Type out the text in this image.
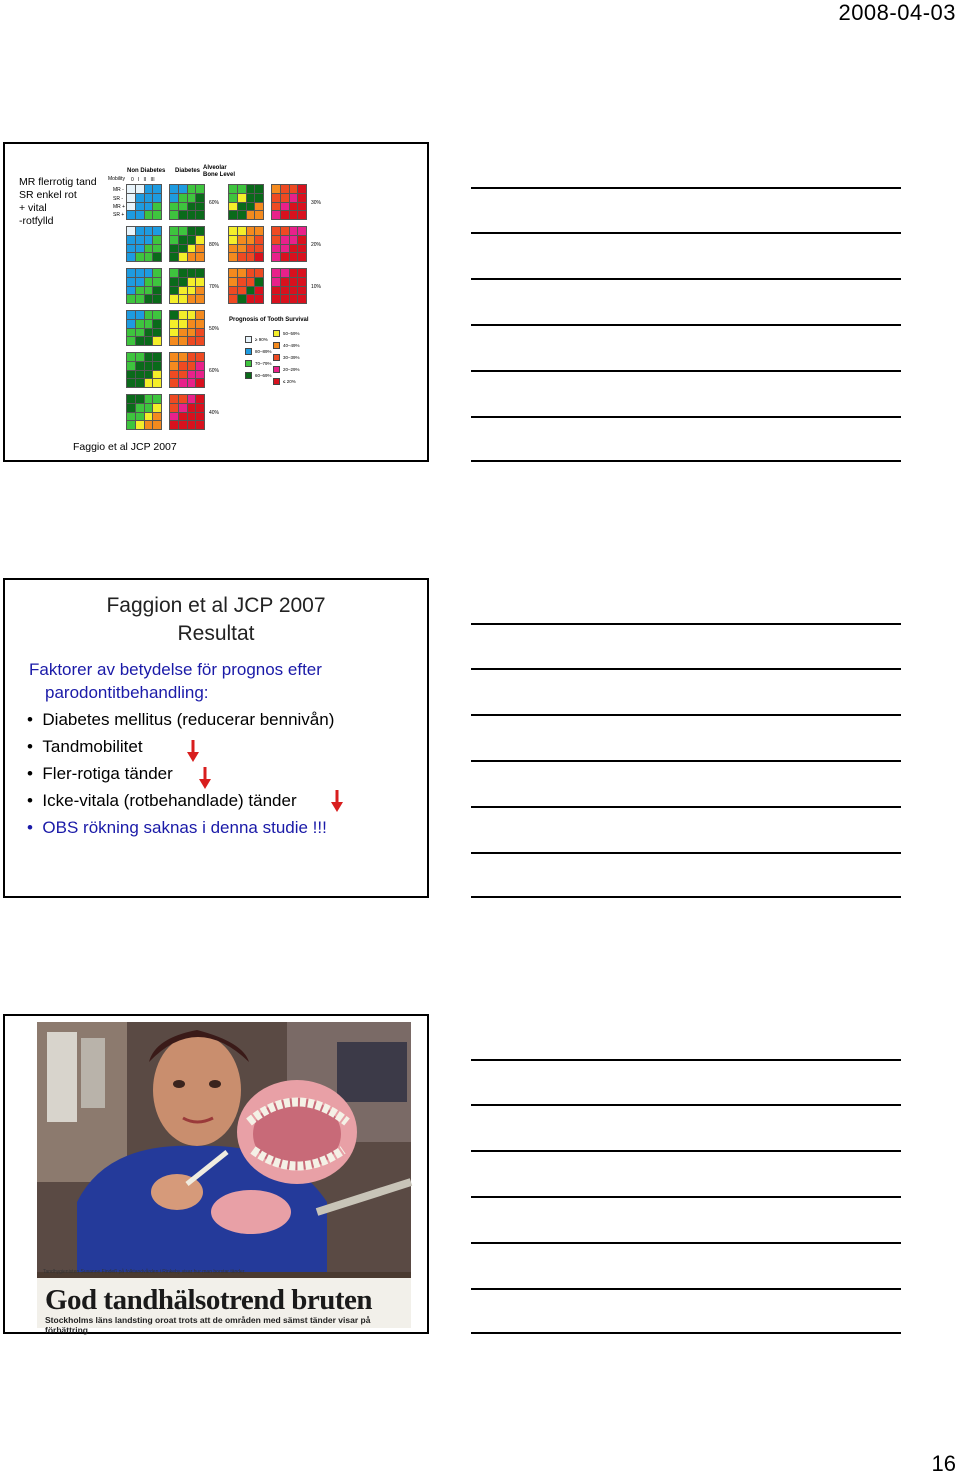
2008-04-03
MR flerrotig tand
SR enkel rot
+ vital
-rotfylld
Non Diabetes Diabetes Alveolar
Bone Level
Mobility 0   I   II   III
MR -
SR -
MR +
SR +
60%
80%
70%
50%
60%
40%
30%
20%
10%
Prognosis of Tooth Survival
≥ 90%
80–89%
70–79%
60–69%
50–59%
40–49%
30–39%
20–29%
≤ 20%
Faggio et al JCP 2007
Faggion et al JCP 2007
Resultat
Faktorer av betydelse för prognos efter
parodontitbehandling:
•  Diabetes mellitus (reducerar bennivån)
•  Tandmobilitet
•  Fler-rotiga tänder
•  Icke-vitala (rotbehandlade) tänder
•  OBS rökning saknas i denna studie !!!
Tandhygienisten Susanne Findeß på folktandvården i Rinkeby visar hur man borstar tänder.
God tandhälsotrend bruten
Stockholms läns landsting oroat trots att de områden med sämst tänder visar på förbättring
16
